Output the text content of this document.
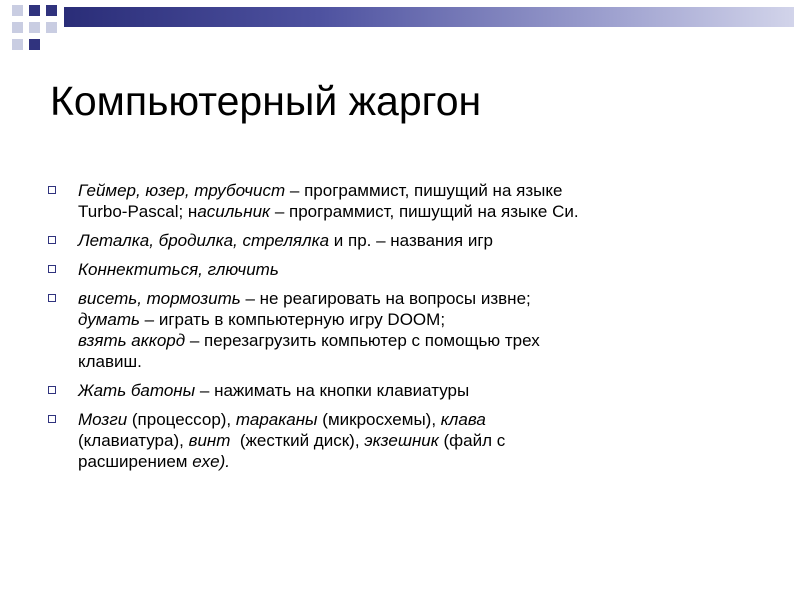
Компьютерный жаргон
Геймер, юзер, трубочист – программист, пишущий на языке
Turbo-Pascal; насильник – программист, пишущий на языке Си.
Леталка, бродилка, стрелялка и пр. – названия игр
Коннектиться, глючить
висеть, тормозить – не реагировать на вопросы извне;
думать – играть в компьютерную игру DOOM;
взять аккорд – перезагрузить компьютер с помощью трех
клавиш.
Жать батоны – нажимать на кнопки клавиатуры
Мозги (процессор), тараканы (микросхемы), клава
(клавиатура), винт  (жесткий диск), экзешник (файл с
расширением exe).
